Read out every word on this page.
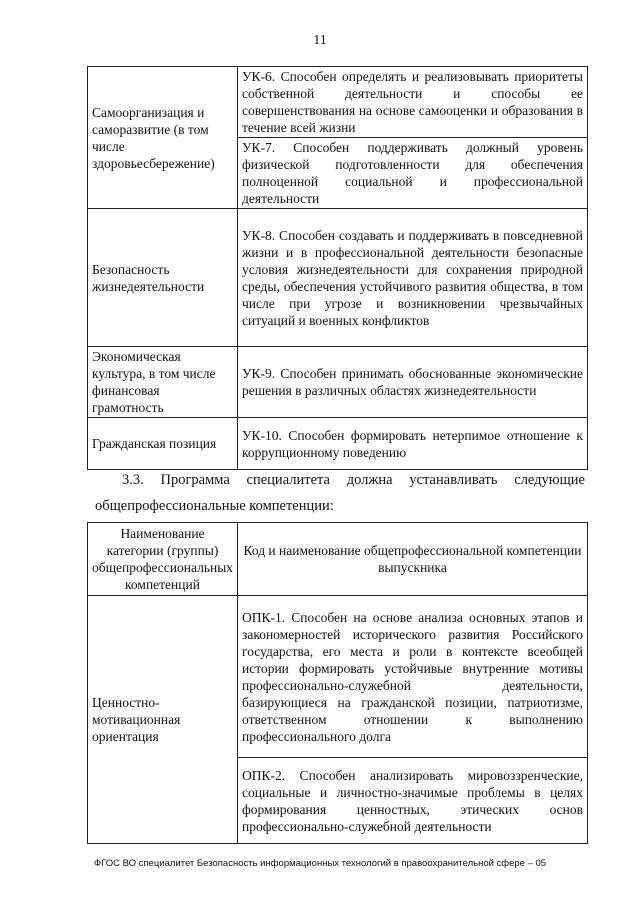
11
Самоорганизация и саморазвитие (в том числе здоровьесбережение)	УК-6. Способен определять и реализовывать приоритеты собственной деятельности и способы ее совершенствования на основе самооценки и образования в течение всей жизни
	УК-7. Способен поддерживать должный уровень физической подготовленности для обеспечения полноценной социальной и профессиональной деятельности
Безопасность жизнедеятельности	УК-8. Способен создавать и поддерживать в повседневной жизни и в профессиональной деятельности безопасные условия жизнедеятельности для сохранения природной среды, обеспечения устойчивого развития общества, в том числе при угрозе и возникновении чрезвычайных ситуаций и военных конфликтов
Экономическая культура, в том числе финансовая грамотность	УК-9. Способен принимать обоснованные экономические решения в различных областях жизнедеятельности
Гражданская позиция	УК-10. Способен формировать нетерпимое отношение к коррупционному поведению
3.3. Программа специалитета должна устанавливать следующие общепрофессиональные компетенции:
Наименование категории (группы) общепрофессиональных компетенций	Код и наименование общепрофессиональной компетенции выпускника
Ценностно-мотивационная ориентация	ОПК-1. Способен на основе анализа основных этапов и закономерностей исторического развития Российского государства, его места и роли в контексте всеобщей истории формировать устойчивые внутренние мотивы профессионально-служебной деятельности, базирующиеся на гражданской позиции, патриотизме, ответственном отношении к выполнению профессионального долга
	ОПК-2. Способен анализировать мировоззренческие, социальные и личностно-значимые проблемы в целях формирования ценностных, этических основ профессионально-служебной деятельности
ФГОС ВО специалитет Безопасность информационных технологий в правоохранительной сфере – 05
